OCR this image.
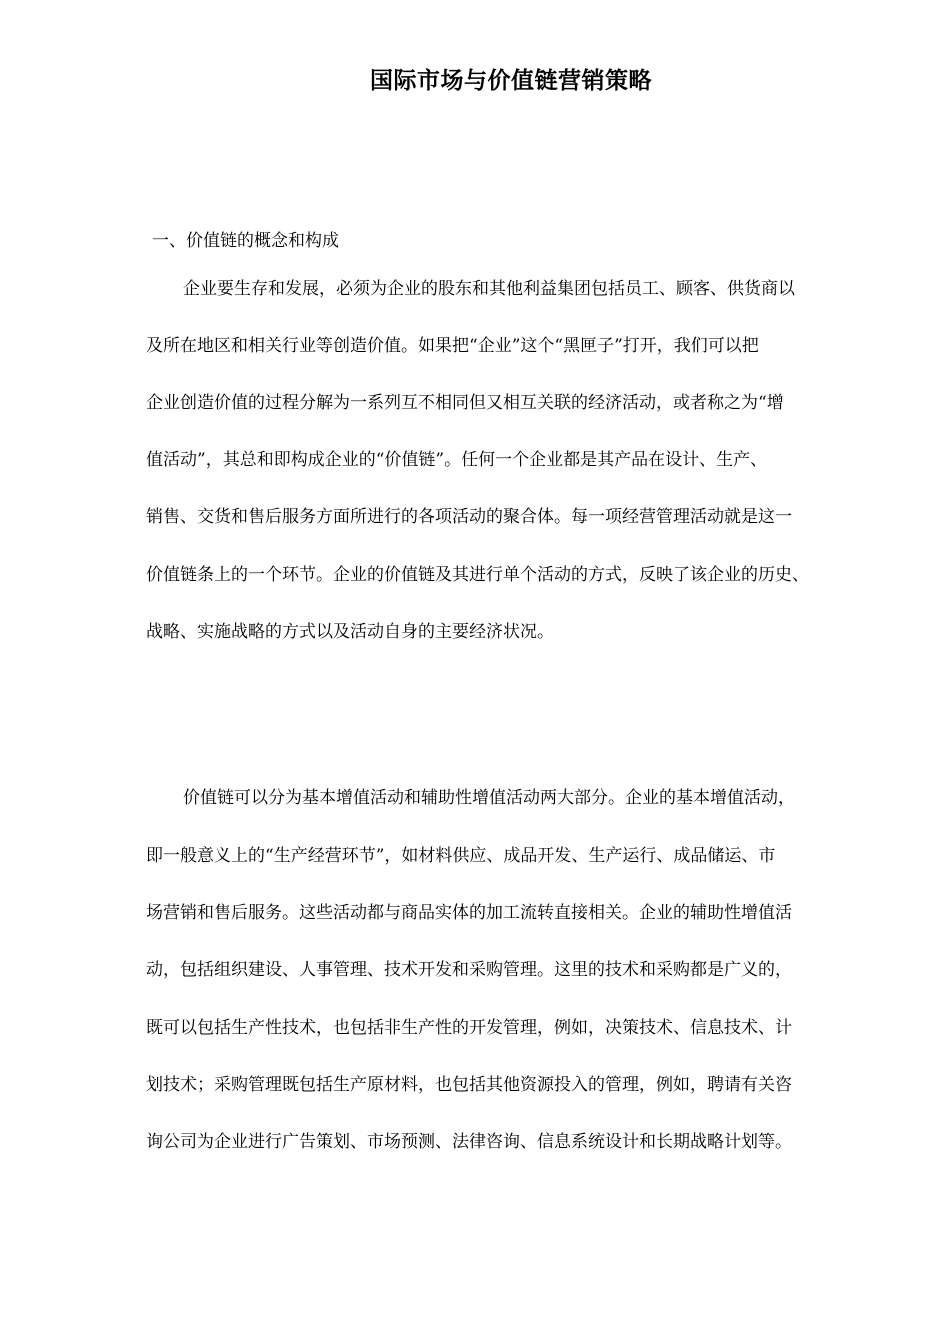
国际市场与价值链营销策略
一、价值链的概念和构成
企业要生存和发展，必须为企业的股东和其他利益集团包括员工、顾客、供货商以
及所在地区和相关行业等创造价值。如果把“企业”这个“黑匣子”打开，我们可以把
企业创造价值的过程分解为一系列互不相同但又相互关联的经济活动，或者称之为“增
值活动”，其总和即构成企业的“价值链”。任何一个企业都是其产品在设计、生产、
销售、交货和售后服务方面所进行的各项活动的聚合体。每一项经营管理活动就是这一
价值链条上的一个环节。企业的价值链及其进行单个活动的方式，反映了该企业的历史、
战略、实施战略的方式以及活动自身的主要经济状况。
价值链可以分为基本增值活动和辅助性增值活动两大部分。企业的基本增值活动，
即一般意义上的“生产经营环节”，如材料供应、成品开发、生产运行、成品储运、市
场营销和售后服务。这些活动都与商品实体的加工流转直接相关。企业的辅助性增值活
动，包括组织建设、人事管理、技术开发和采购管理。这里的技术和采购都是广义的，
既可以包括生产性技术，也包括非生产性的开发管理，例如，决策技术、信息技术、计
划技术；采购管理既包括生产原材料，也包括其他资源投入的管理，例如，聘请有关咨
询公司为企业进行广告策划、市场预测、法律咨询、信息系统设计和长期战略计划等。
